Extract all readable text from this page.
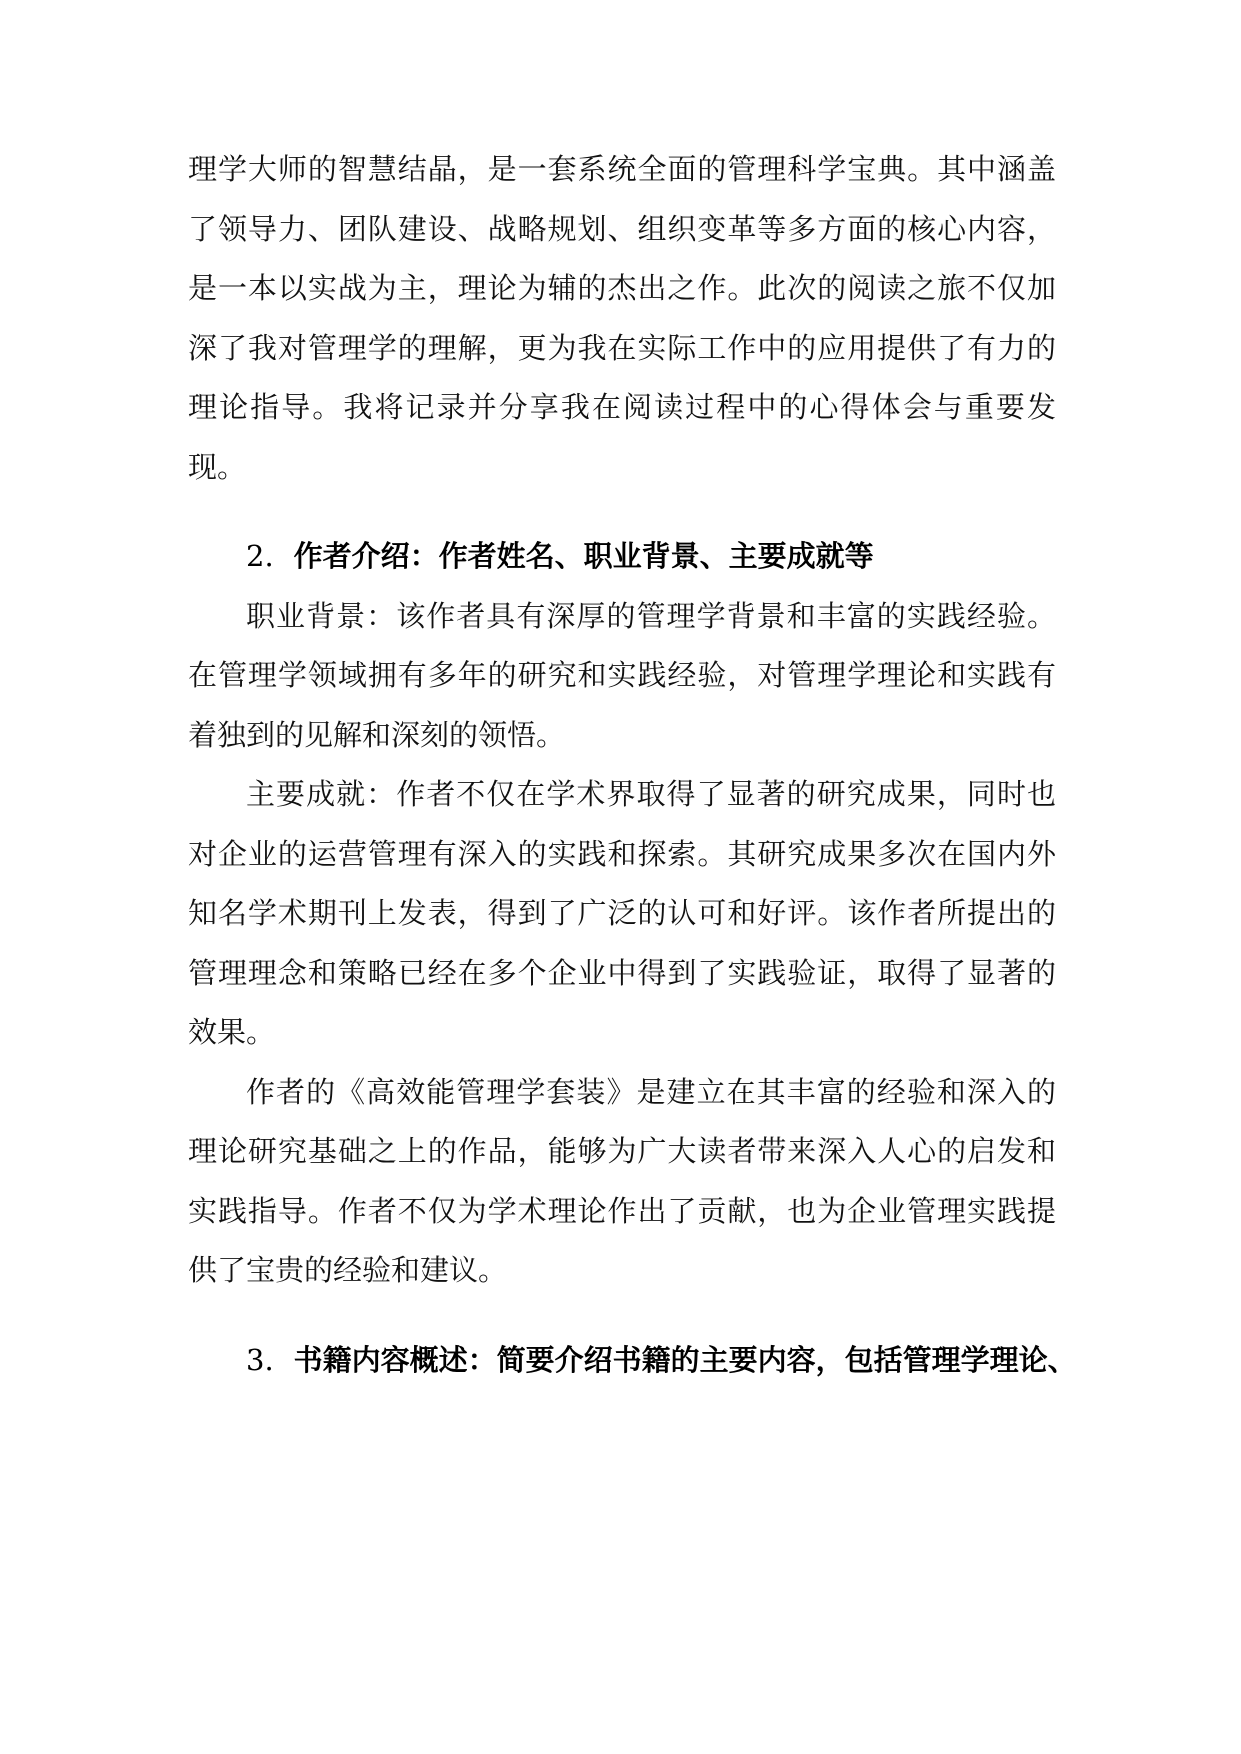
理学大师的智慧结晶，是一套系统全面的管理科学宝典。其中涵盖了领导力、团队建设、战略规划、组织变革等多方面的核心内容，是一本以实战为主，理论为辅的杰出之作。此次的阅读之旅不仅加深了我对管理学的理解，更为我在实际工作中的应用提供了有力的理论指导。我将记录并分享我在阅读过程中的心得体会与重要发现。

2. 作者介绍：作者姓名、职业背景、主要成就等

职业背景：该作者具有深厚的管理学背景和丰富的实践经验。在管理学领域拥有多年的研究和实践经验，对管理学理论和实践有着独到的见解和深刻的领悟。

主要成就：作者不仅在学术界取得了显著的研究成果，同时也对企业的运营管理有深入的实践和探索。其研究成果多次在国内外知名学术期刊上发表，得到了广泛的认可和好评。该作者所提出的管理理念和策略已经在多个企业中得到了实践验证，取得了显著的效果。

作者的《高效能管理学套装》是建立在其丰富的经验和深入的理论研究基础之上的作品，能够为广大读者带来深入人心的启发和实践指导。作者不仅为学术理论作出了贡献，也为企业管理实践提供了宝贵的经验和建议。

3. 书籍内容概述：简要介绍书籍的主要内容，包括管理学理论、
